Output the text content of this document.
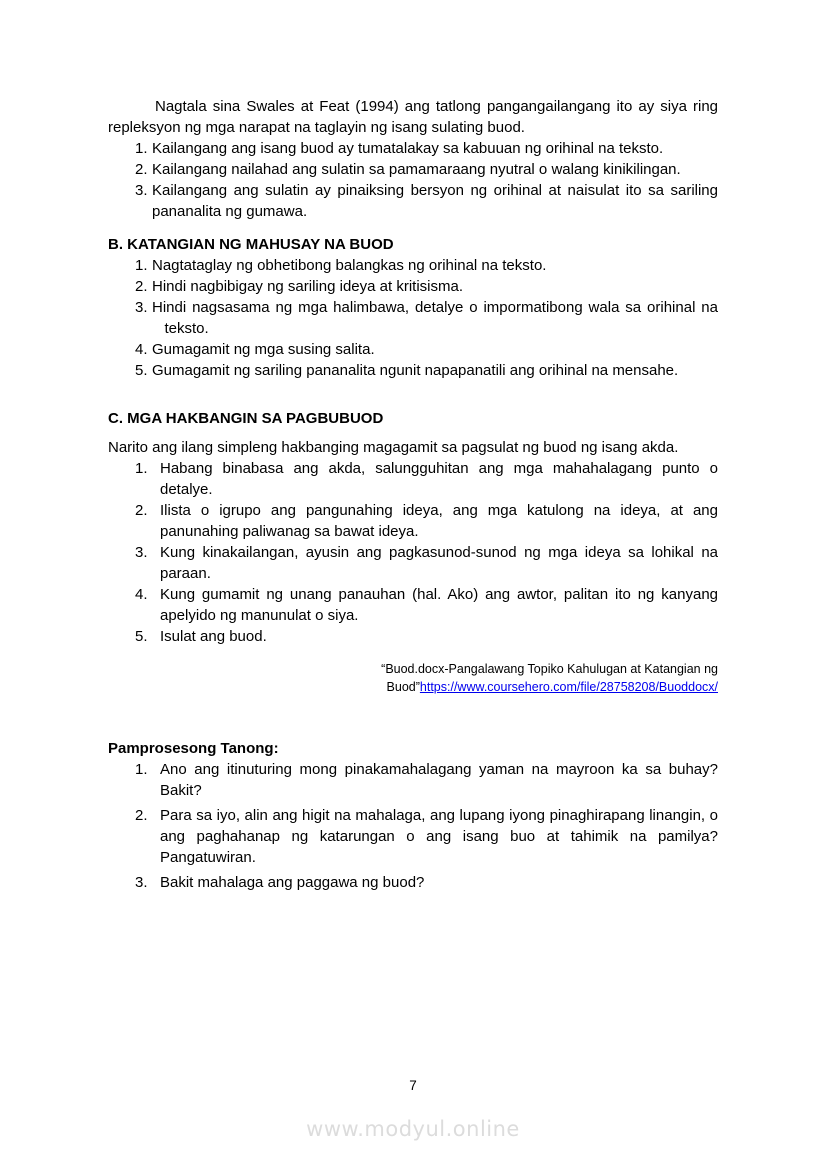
Nagtala sina Swales at Feat (1994) ang tatlong pangangailangang ito ay siya ring repleksyon ng mga narapat na taglayin ng isang sulating buod.

1. Kailangang ang isang buod ay tumatalakay sa kabuuan ng orihinal na teksto.
2. Kailangang nailahad ang sulatin sa pamamaraang nyutral o walang kinikilingan.
3. Kailangang ang sulatin ay pinaiksing bersyon ng orihinal at naisulat ito sa sariling pananalita ng gumawa.
B. KATANGIAN NG MAHUSAY NA BUOD
1. Nagtataglay ng obhetibong balangkas ng orihinal na teksto.
2. Hindi nagbibigay ng sariling ideya at kritisisma.
3. Hindi nagsasama ng mga halimbawa, detalye o impormatibong wala sa orihinal na    teksto.
4. Gumagamit ng mga susing salita.
5. Gumagamit ng sariling pananalita ngunit napapanatili ang orihinal na mensahe.
C. MGA HAKBANGIN SA PAGBUBUOD

Narito ang ilang simpleng hakbanging magagamit sa pagsulat ng buod ng isang akda.

1. Habang binabasa ang akda, salungguhitan ang mga mahahalagang punto o detalye.
2. Ilista o igrupo ang pangunahing ideya, ang mga katulong na ideya, at ang panunahing paliwanag sa bawat ideya.
3. Kung kinakailangan, ayusin ang pagkasunod-sunod ng mga ideya sa lohikal na paraan.
4. Kung gumamit ng unang panauhan (hal. Ako) ang awtor, palitan ito ng kanyang apelyido ng manunulat o siya.
5. Isulat ang buod.
“Buod.docx-Pangalawang Topiko Kahulugan at Katangian ng
Buod”https://www.coursehero.com/file/28758208/Buoddocx/
Pamprosesong Tanong:
1. Ano ang itinuturing mong pinakamahalagang yaman na mayroon ka sa buhay? Bakit?
2. Para sa iyo, alin ang higit na mahalaga, ang lupang iyong pinaghirapang linangin, o ang paghahanap ng katarungan o ang isang buo at tahimik na pamilya? Pangatuwiran.
3. Bakit mahalaga ang paggawa ng buod?
7
www.modyul.online
